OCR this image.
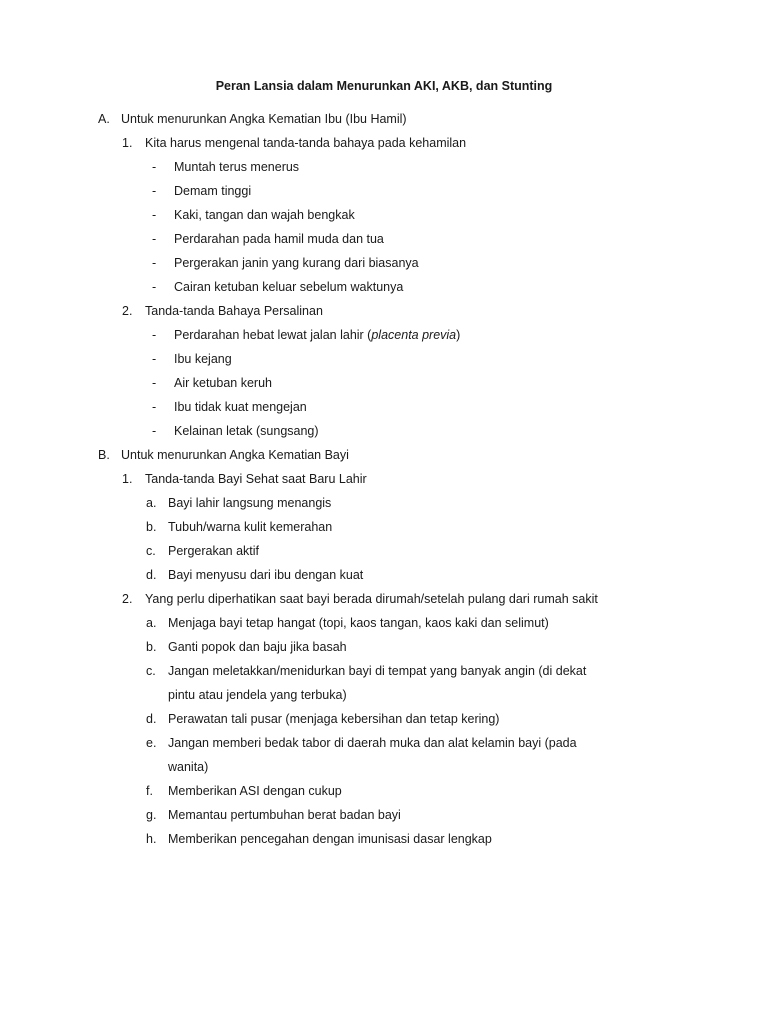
Peran Lansia dalam Menurunkan AKI, AKB, dan Stunting
A. Untuk menurunkan Angka Kematian Ibu (Ibu Hamil)
1. Kita harus mengenal tanda-tanda bahaya pada kehamilan
- Muntah terus menerus
- Demam tinggi
- Kaki, tangan dan wajah bengkak
- Perdarahan pada hamil muda dan tua
- Pergerakan janin yang kurang dari biasanya
- Cairan ketuban keluar sebelum waktunya
2. Tanda-tanda Bahaya Persalinan
- Perdarahan hebat lewat jalan lahir (placenta previa)
- Ibu kejang
- Air ketuban keruh
- Ibu tidak kuat mengejan
- Kelainan letak (sungsang)
B. Untuk menurunkan Angka Kematian Bayi
1. Tanda-tanda Bayi Sehat saat Baru Lahir
a. Bayi lahir langsung menangis
b. Tubuh/warna kulit kemerahan
c. Pergerakan aktif
d. Bayi menyusu dari ibu dengan kuat
2. Yang perlu diperhatikan saat bayi berada dirumah/setelah pulang dari rumah sakit
a. Menjaga bayi tetap hangat (topi, kaos tangan, kaos kaki dan selimut)
b. Ganti popok dan baju jika basah
c. Jangan meletakkan/menidurkan bayi di tempat yang banyak angin (di dekat
pintu atau jendela yang terbuka)
d. Perawatan tali pusar (menjaga kebersihan dan tetap kering)
e. Jangan memberi bedak tabor di daerah muka dan alat kelamin bayi (pada
wanita)
f. Memberikan ASI dengan cukup
g. Memantau pertumbuhan berat badan bayi
h. Memberikan pencegahan dengan imunisasi dasar lengkap
